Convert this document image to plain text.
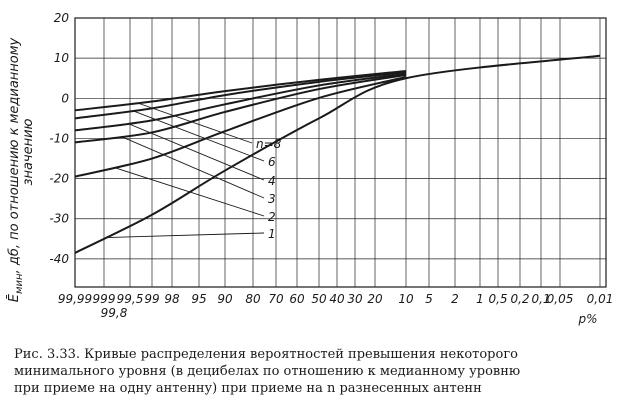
n=8
6
4
3
2
1
20
10
0
-10
-20
-30
-40
99,99 999 99,5 99 98 95 90 80 70 60 50 40 30 20 10 5 2 1 0,5 0,2 0,1
0,05 0,01
99,8	p%
$Ē_{мин}$, дб, по отношению к медианному значению
Рис. 3.33. Кривые распределения вероятностей превышения некоторого
минимального уровня (в децибелах по отношению к медианному уровню
при приеме на одну антенну) при приеме на n разнесенных антенн
